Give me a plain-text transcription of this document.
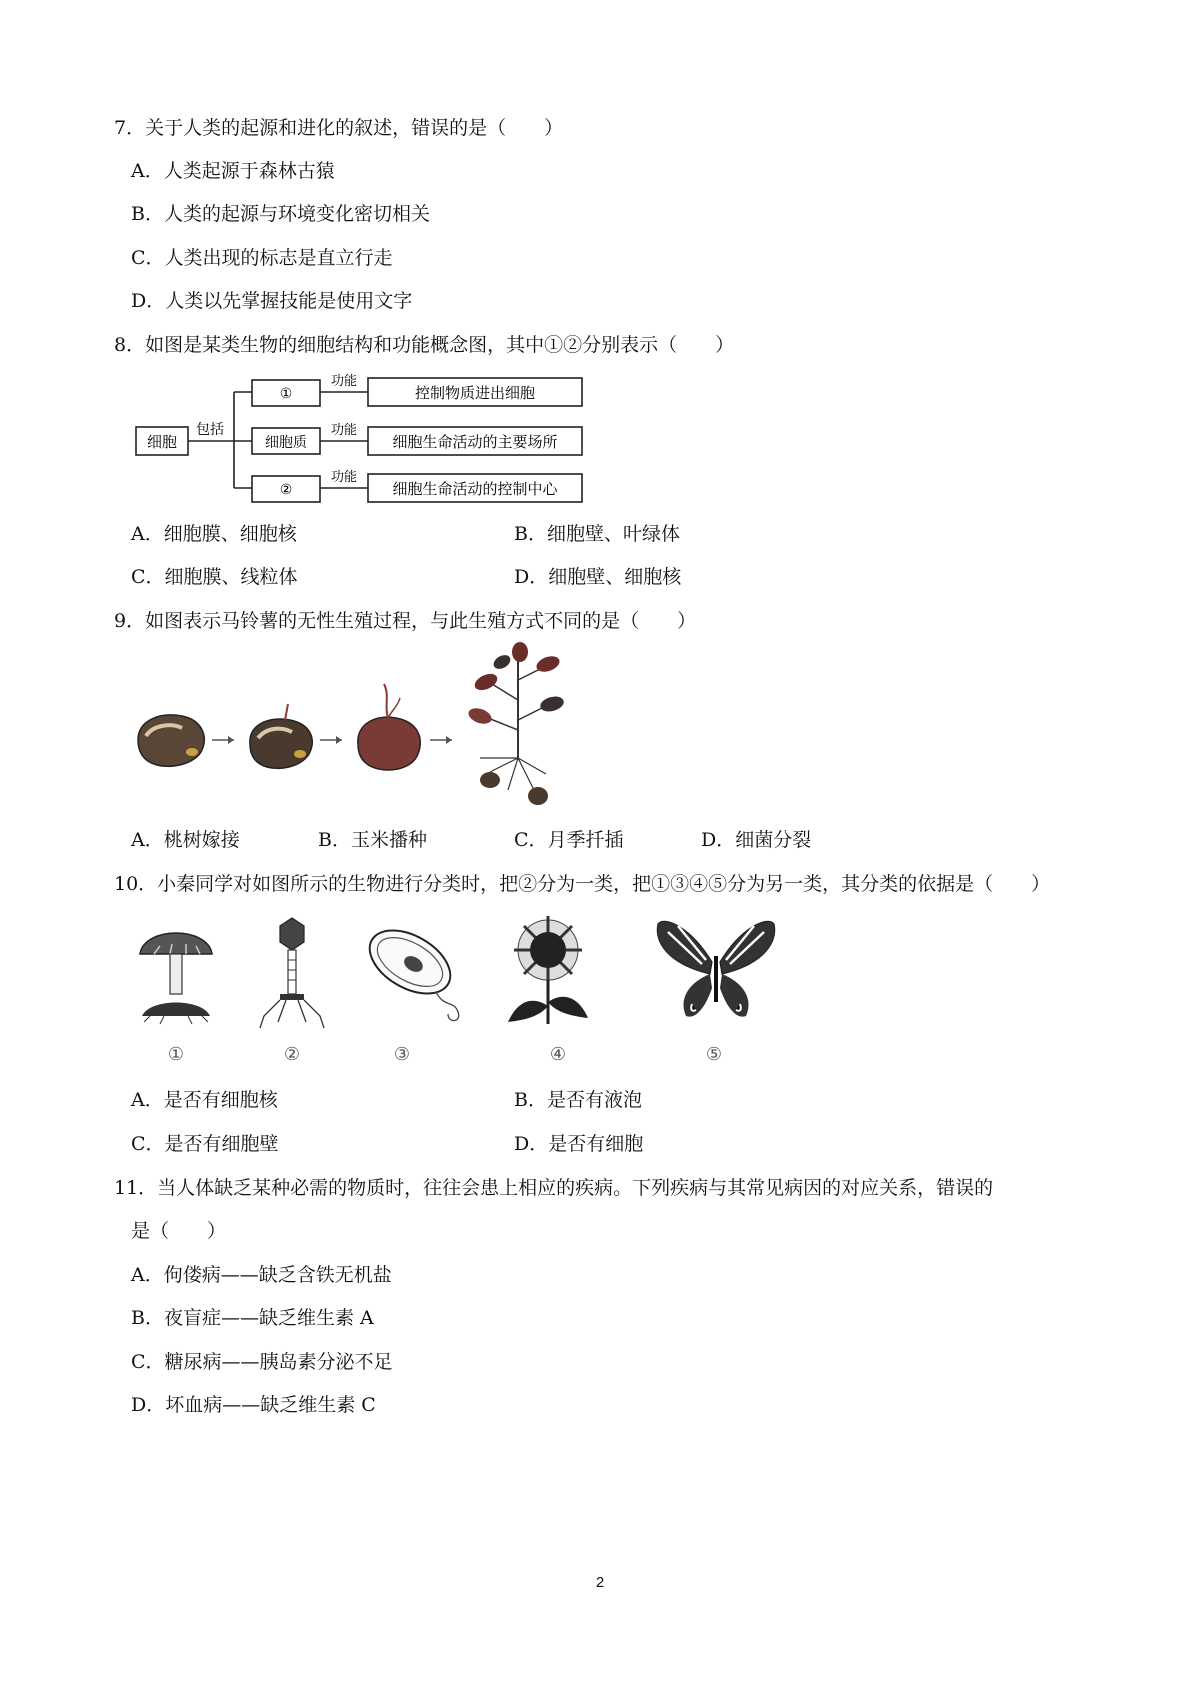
7．关于人类的起源和进化的叙述，错误的是（　　）
A．人类起源于森林古猿
B．人类的起源与环境变化密切相关
C．人类出现的标志是直立行走
D．人类以先掌握技能是使用文字
8．如图是某类生物的细胞结构和功能概念图，其中①②分别表示（　　）
细胞
包括
①
细胞质
②
功能
功能
功能
控制物质进出细胞
细胞生命活动的主要场所
细胞生命活动的控制中心
A．细胞膜、细胞核	B．细胞壁、叶绿体
C．细胞膜、线粒体	D．细胞壁、细胞核
9．如图表示马铃薯的无性生殖过程，与此生殖方式不同的是（　　）
A．桃树嫁接	B．玉米播种	C．月季扦插	D．细菌分裂
10．小秦同学对如图所示的生物进行分类时，把②分为一类，把①③④⑤分为另一类，其分类的依据是（　　）
①	②	③	④	⑤
A．是否有细胞核	B．是否有液泡
C．是否有细胞壁	D．是否有细胞
11．当人体缺乏某种必需的物质时，往往会患上相应的疾病。下列疾病与其常见病因的对应关系，错误的
是（　　）
A．佝偻病——缺乏含铁无机盐
B．夜盲症——缺乏维生素 A
C．糖尿病——胰岛素分泌不足
D．坏血病——缺乏维生素 C
2
